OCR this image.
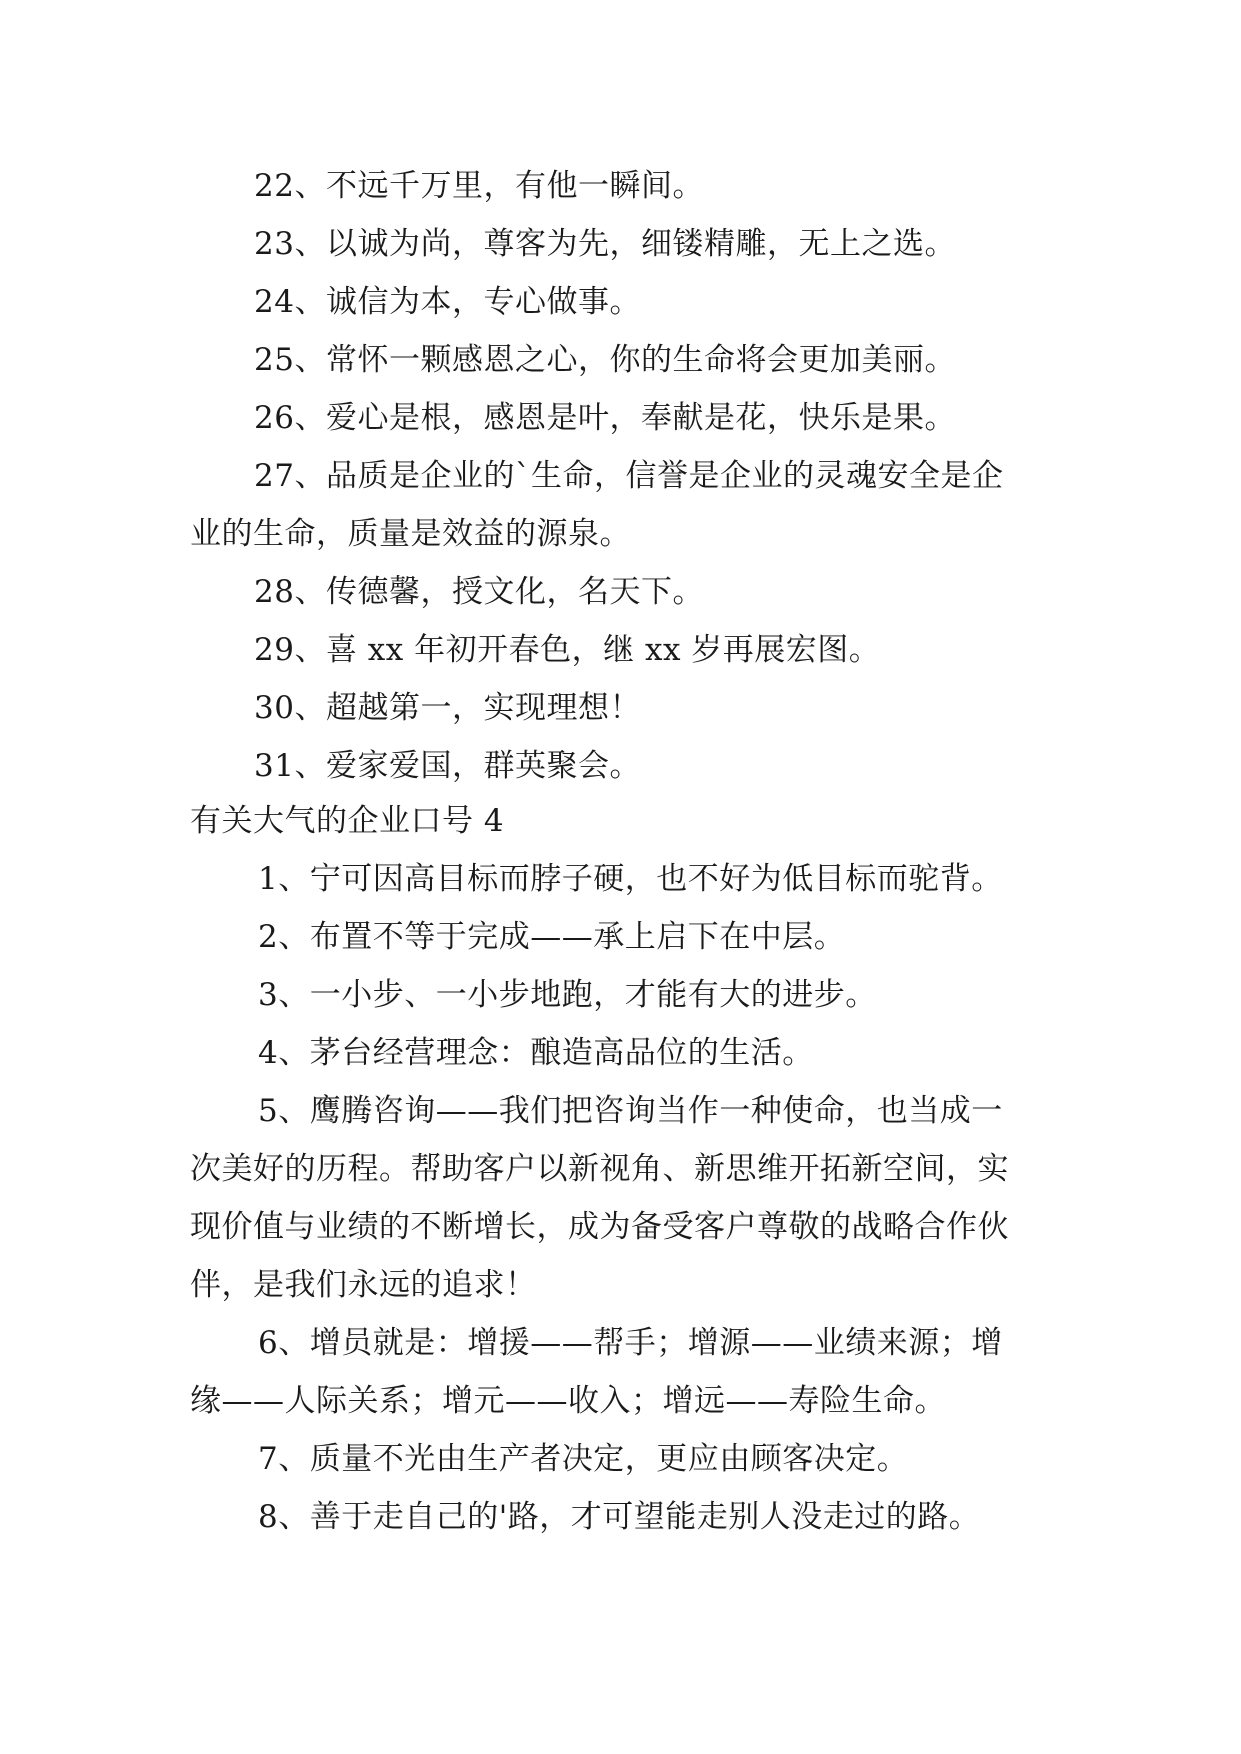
22、不远千万里，有他一瞬间。
23、以诚为尚，尊客为先，细镂精雕，无上之选。
24、诚信为本，专心做事。
25、常怀一颗感恩之心，你的生命将会更加美丽。
26、爱心是根，感恩是叶，奉献是花，快乐是果。
27、品质是企业的`生命，信誉是企业的灵魂安全是企
业的生命，质量是效益的源泉。
28、传德馨，授文化，名天下。
29、喜 xx 年初开春色，继 xx 岁再展宏图。
30、超越第一，实现理想！
31、爱家爱国，群英聚会。
有关大气的企业口号 4
1、宁可因高目标而脖子硬，也不好为低目标而驼背。
2、布置不等于完成——承上启下在中层。
3、一小步、一小步地跑，才能有大的进步。
4、茅台经营理念：酿造高品位的生活。
5、鹰腾咨询——我们把咨询当作一种使命，也当成一
次美好的历程。帮助客户以新视角、新思维开拓新空间，实
现价值与业绩的不断增长，成为备受客户尊敬的战略合作伙
伴，是我们永远的追求！
6、增员就是：增援——帮手；增源——业绩来源；增
缘——人际关系；增元——收入；增远——寿险生命。
7、质量不光由生产者决定，更应由顾客决定。
8、善于走自己的'路，才可望能走别人没走过的路。
